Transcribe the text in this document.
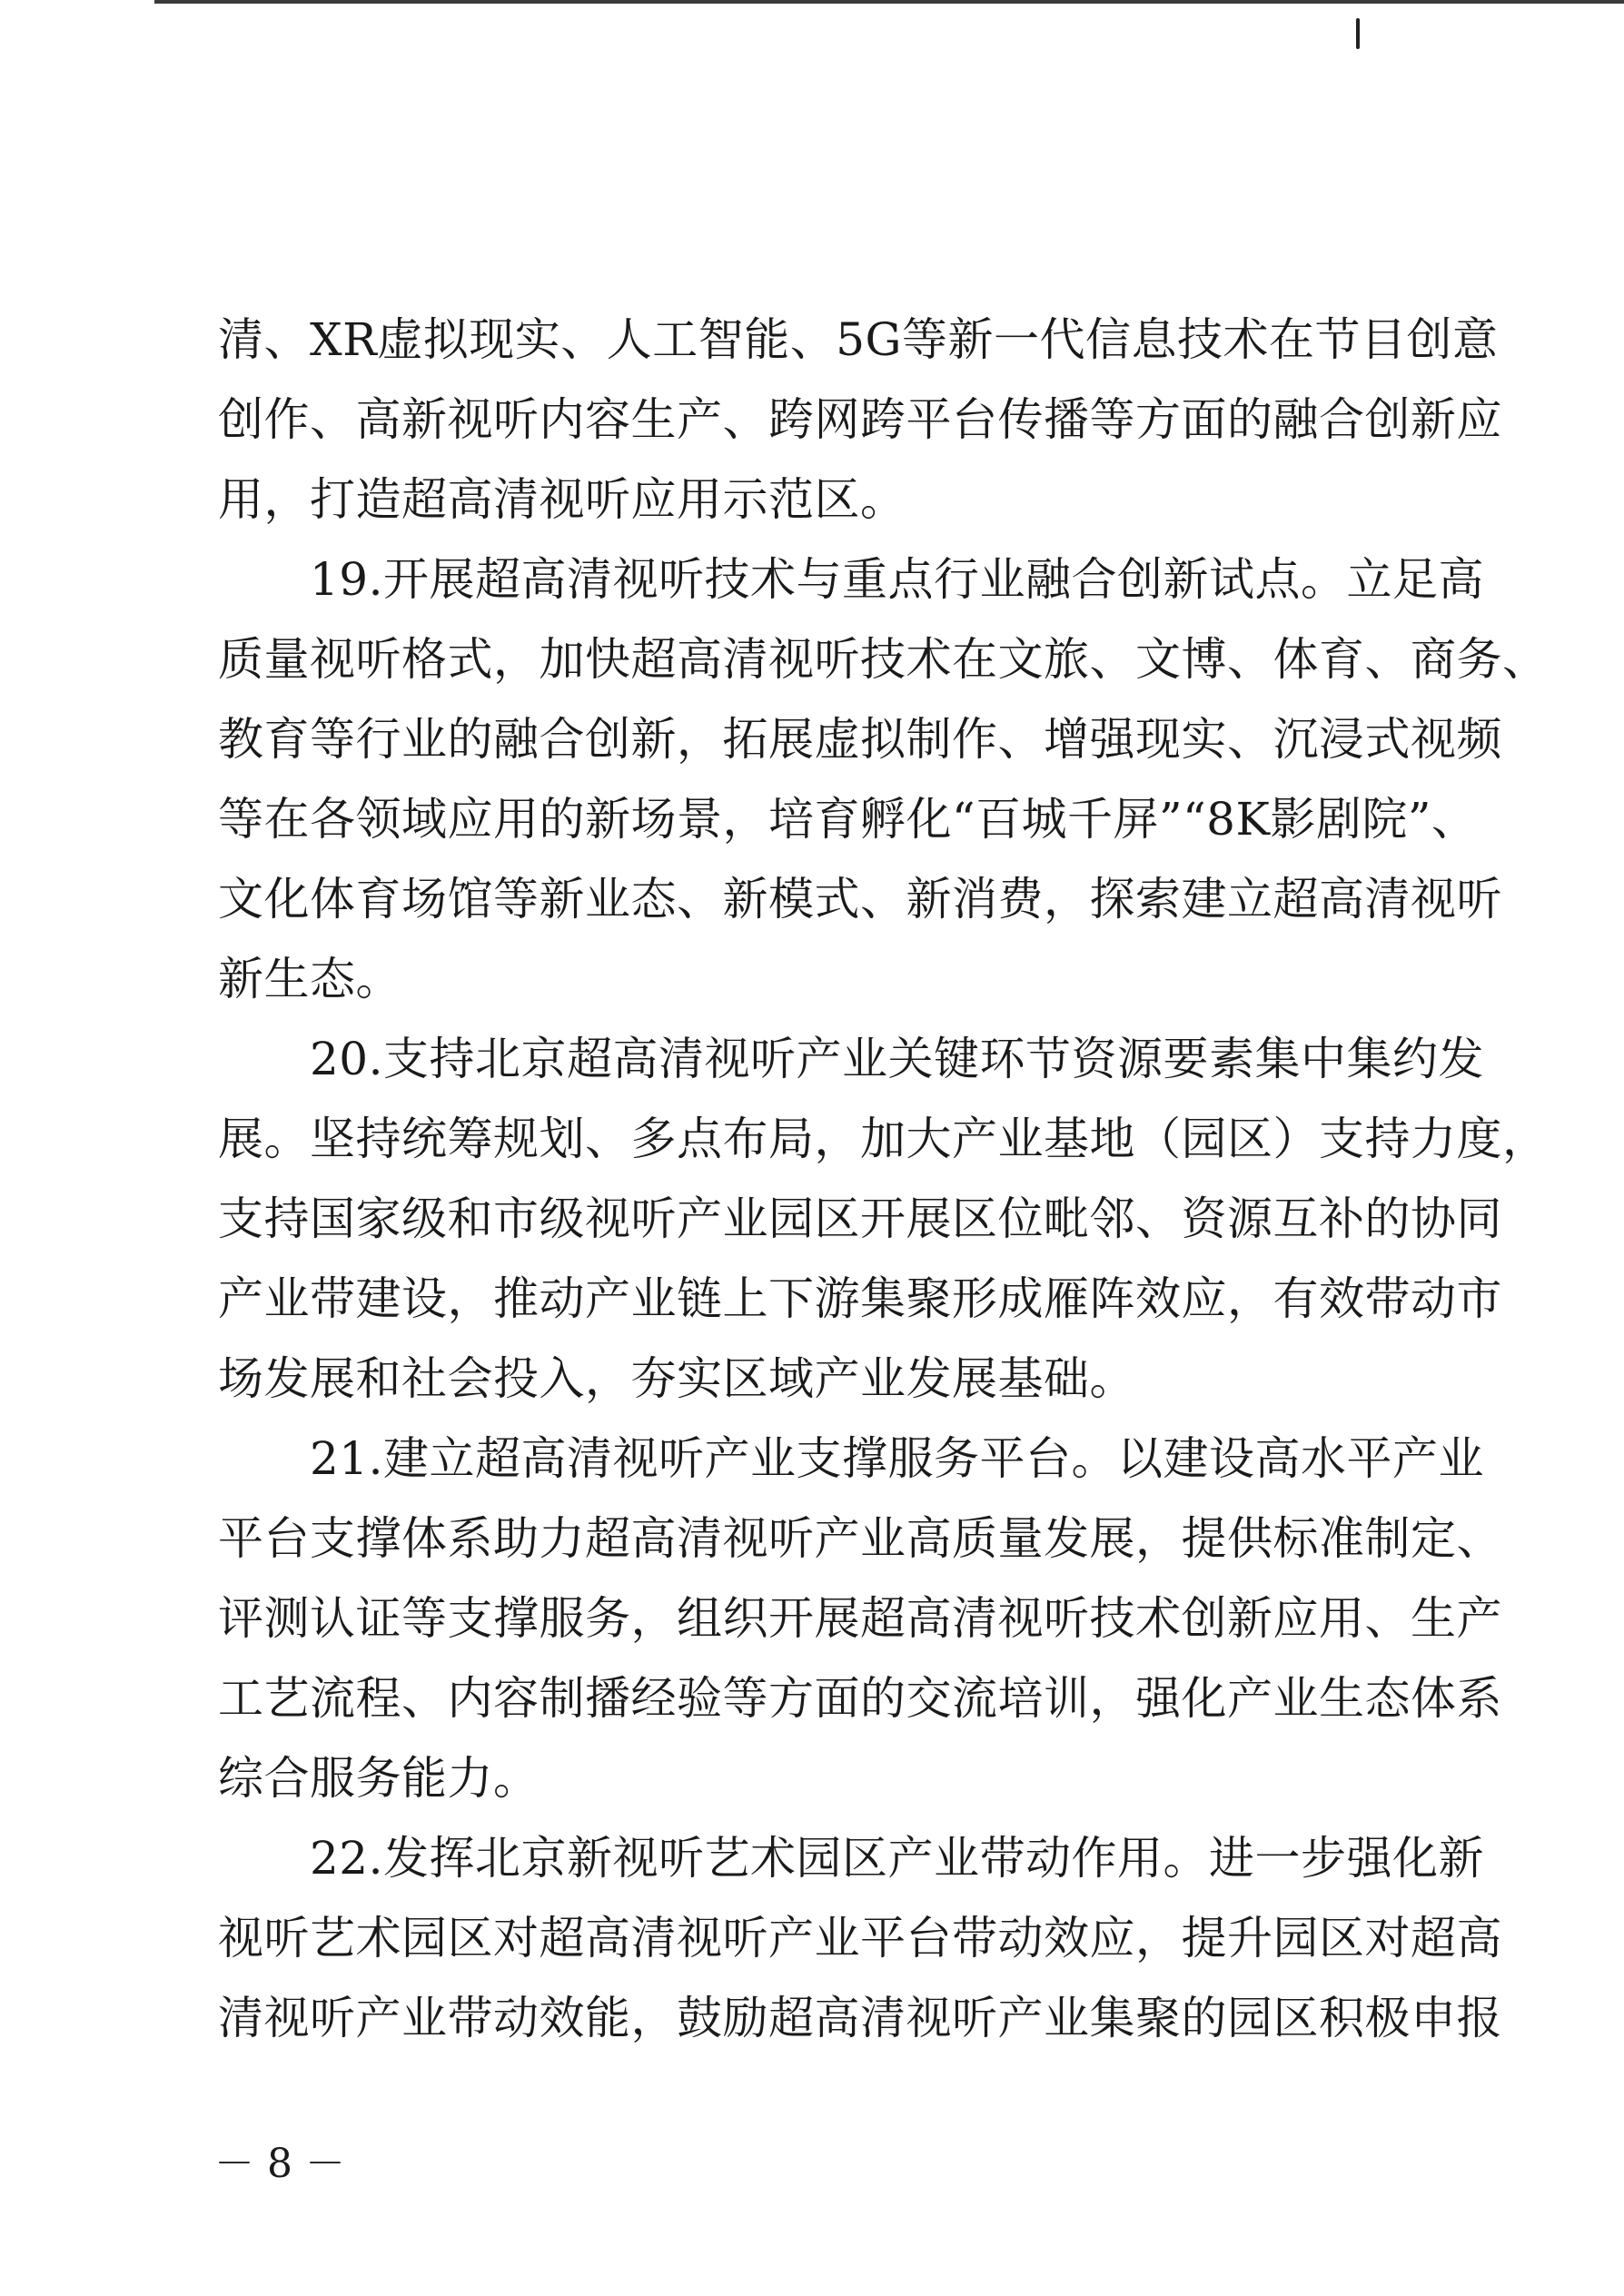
清、XR虚拟现实、人工智能、5G等新一代信息技术在节目创意
创作、高新视听内容生产、跨网跨平台传播等方面的融合创新应
用，打造超高清视听应用示范区。
　　19.开展超高清视听技术与重点行业融合创新试点。立足高
质量视听格式，加快超高清视听技术在文旅、文博、体育、商务、
教育等行业的融合创新，拓展虚拟制作、增强现实、沉浸式视频
等在各领域应用的新场景，培育孵化“百城千屏”“8K影剧院”、
文化体育场馆等新业态、新模式、新消费，探索建立超高清视听
新生态。
　　20.支持北京超高清视听产业关键环节资源要素集中集约发
展。坚持统筹规划、多点布局，加大产业基地（园区）支持力度，
支持国家级和市级视听产业园区开展区位毗邻、资源互补的协同
产业带建设，推动产业链上下游集聚形成雁阵效应，有效带动市
场发展和社会投入，夯实区域产业发展基础。
　　21.建立超高清视听产业支撑服务平台。以建设高水平产业
平台支撑体系助力超高清视听产业高质量发展，提供标准制定、
评测认证等支撑服务，组织开展超高清视听技术创新应用、生产
工艺流程、内容制播经验等方面的交流培训，强化产业生态体系
综合服务能力。
　　22.发挥北京新视听艺术园区产业带动作用。进一步强化新
视听艺术园区对超高清视听产业平台带动效应，提升园区对超高
清视听产业带动效能，鼓励超高清视听产业集聚的园区积极申报
－ 8 －
